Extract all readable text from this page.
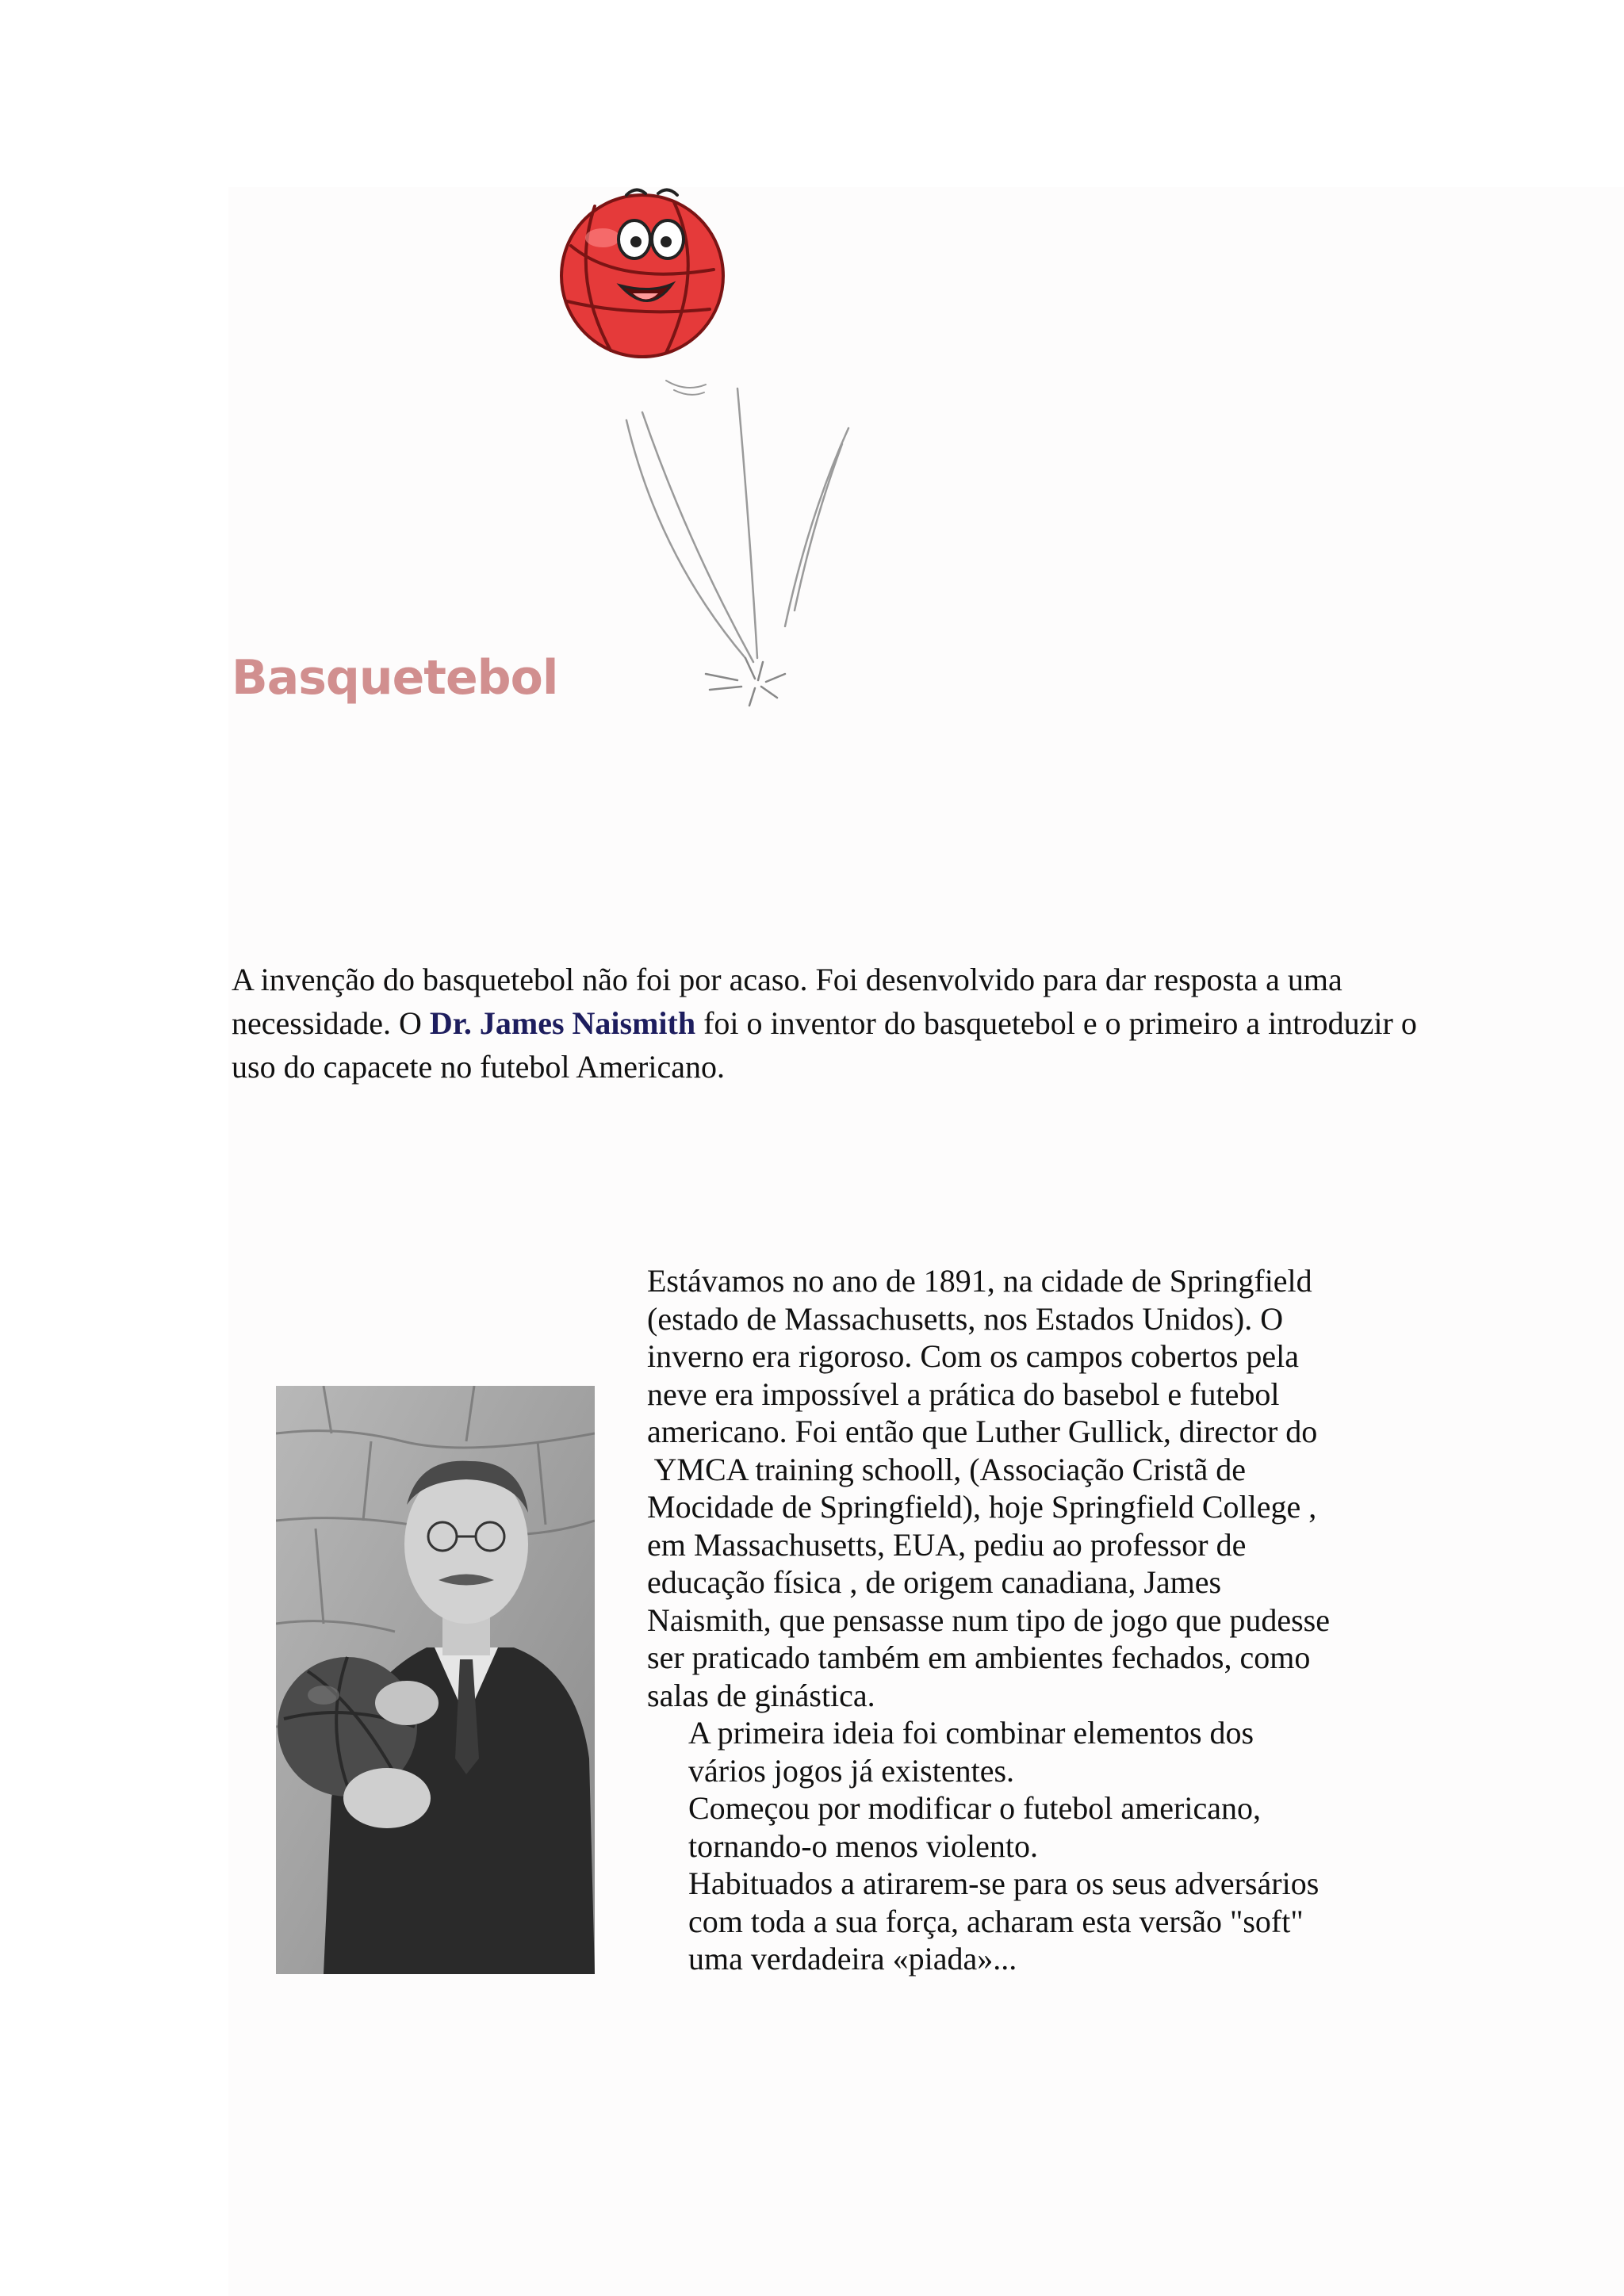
Basquetebol

A invenção do basquetebol não foi por acaso. Foi desenvolvido para dar resposta a uma necessidade. O Dr. James Naismith foi o inventor do basquetebol e o primeiro a introduzir o uso do capacete no futebol Americano.

Estávamos no ano de 1891, na cidade de Springfield

(estado de Massachusetts, nos Estados Unidos). O

inverno era rigoroso. Com os campos cobertos pela

neve era impossível a prática do basebol e futebol

americano. Foi então que Luther Gullick, director do

YMCA training schooll, (Associação Cristã de

Mocidade de Springfield), hoje Springfield College ,

em Massachusetts, EUA, pediu ao professor de

educação física , de origem canadiana, James

Naismith, que pensasse num tipo de jogo que pudesse

ser praticado também em ambientes fechados, como

salas de ginástica.

A primeira ideia foi combinar elementos dos

vários jogos já existentes.

Começou por modificar o futebol americano,

tornando-o menos violento.

Habituados a atirarem-se para os seus adversários

com toda a sua força, acharam esta versão "soft"

uma verdadeira «piada»...
